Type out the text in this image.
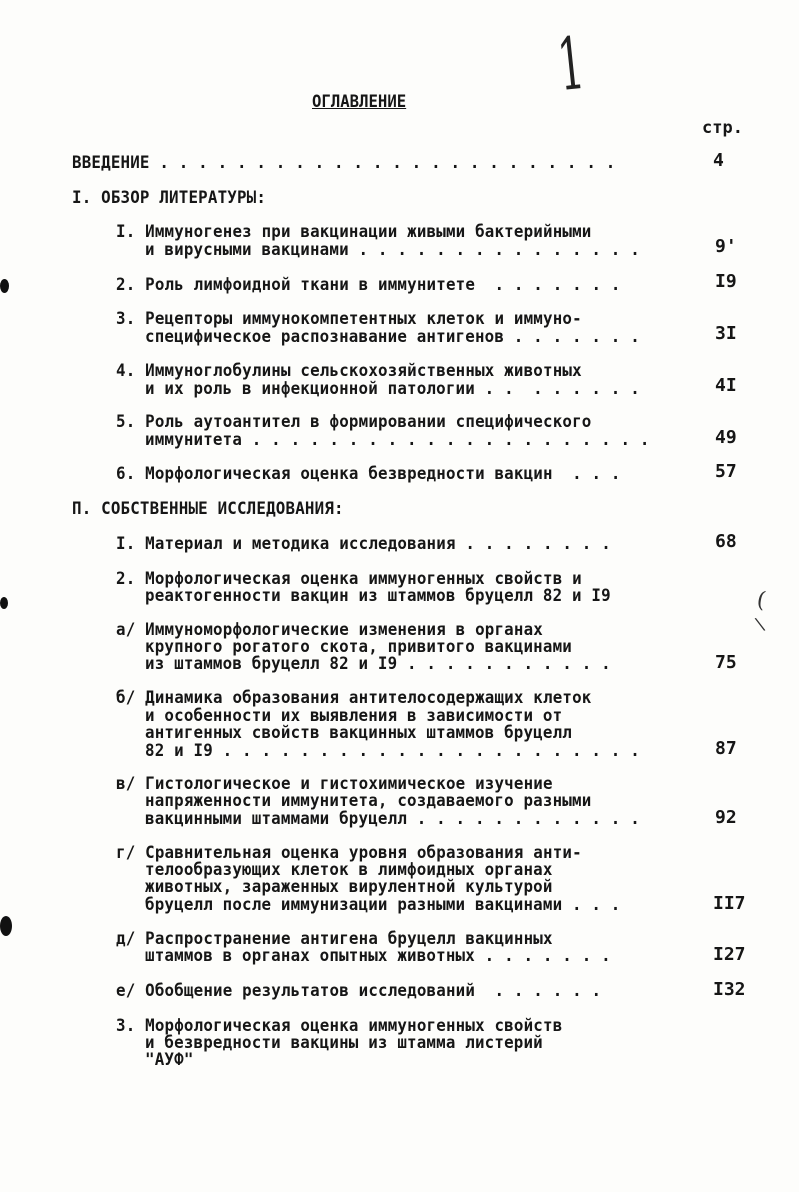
1
ОГЛАВЛЕНИЕ
стр.
ВВЕДЕНИЕ . . . . . . . . . . . . . . . . . . . . . . . .	4
I. ОБЗОР ЛИТЕРАТУРЫ:
I. Иммуногенез при вакцинации живыми бактерийными
и вирусными вакцинами . . . . . . . . . . . . . . .	9'
2. Роль лимфоидной ткани в иммунитете  . . . . . . .	I9
3. Рецепторы иммунокомпетентных клеток и иммуно-
специфическое распознавание антигенов . . . . . . .	3I
4. Иммуноглобулины сельскохозяйственных животных
и их роль в инфекционной патологии . .  . . . . . .	4I
5. Роль аутоантител в формировании специфического
иммунитета . . . . . . . . . . . . . . . . . . . . .	49
6. Морфологическая оценка безвредности вакцин  . . .	57
П. СОБСТВЕННЫЕ ИССЛЕДОВАНИЯ:
I. Материал и методика исследования . . . . . . . .	68
2. Морфологическая оценка иммуногенных свойств и
реактогенности вакцин из штаммов бруцелл 82 и I9
а/ Иммуноморфологические изменения в органах
крупного рогатого скота, привитого вакцинами
из штаммов бруцелл 82 и I9 . . . . . . . . . . .	75
б/ Динамика образования антителосодержащих клеток
и особенности их выявления в зависимости от
антигенных свойств вакцинных штаммов бруцелл
82 и I9 . . . . . . . . . . . . . . . . . . . . . .	87
в/ Гистологическое и гистохимическое изучение
напряженности иммунитета, создаваемого разными
вакцинными штаммами бруцелл . . . . . . . . . . . .	92
г/ Сравнительная оценка уровня образования анти-
телообразующих клеток в лимфоидных органах
животных, зараженных вирулентной культурой
бруцелл после иммунизации разными вакцинами . . .	II7
д/ Распространение антигена бруцелл вакцинных
штаммов в органах опытных животных . . . . . . .	I27
е/ Обобщение результатов исследований  . . . . . .	I32
3. Морфологическая оценка иммуногенных свойств
и безвредности вакцины из штамма листерий
"АУФ"
(
\
